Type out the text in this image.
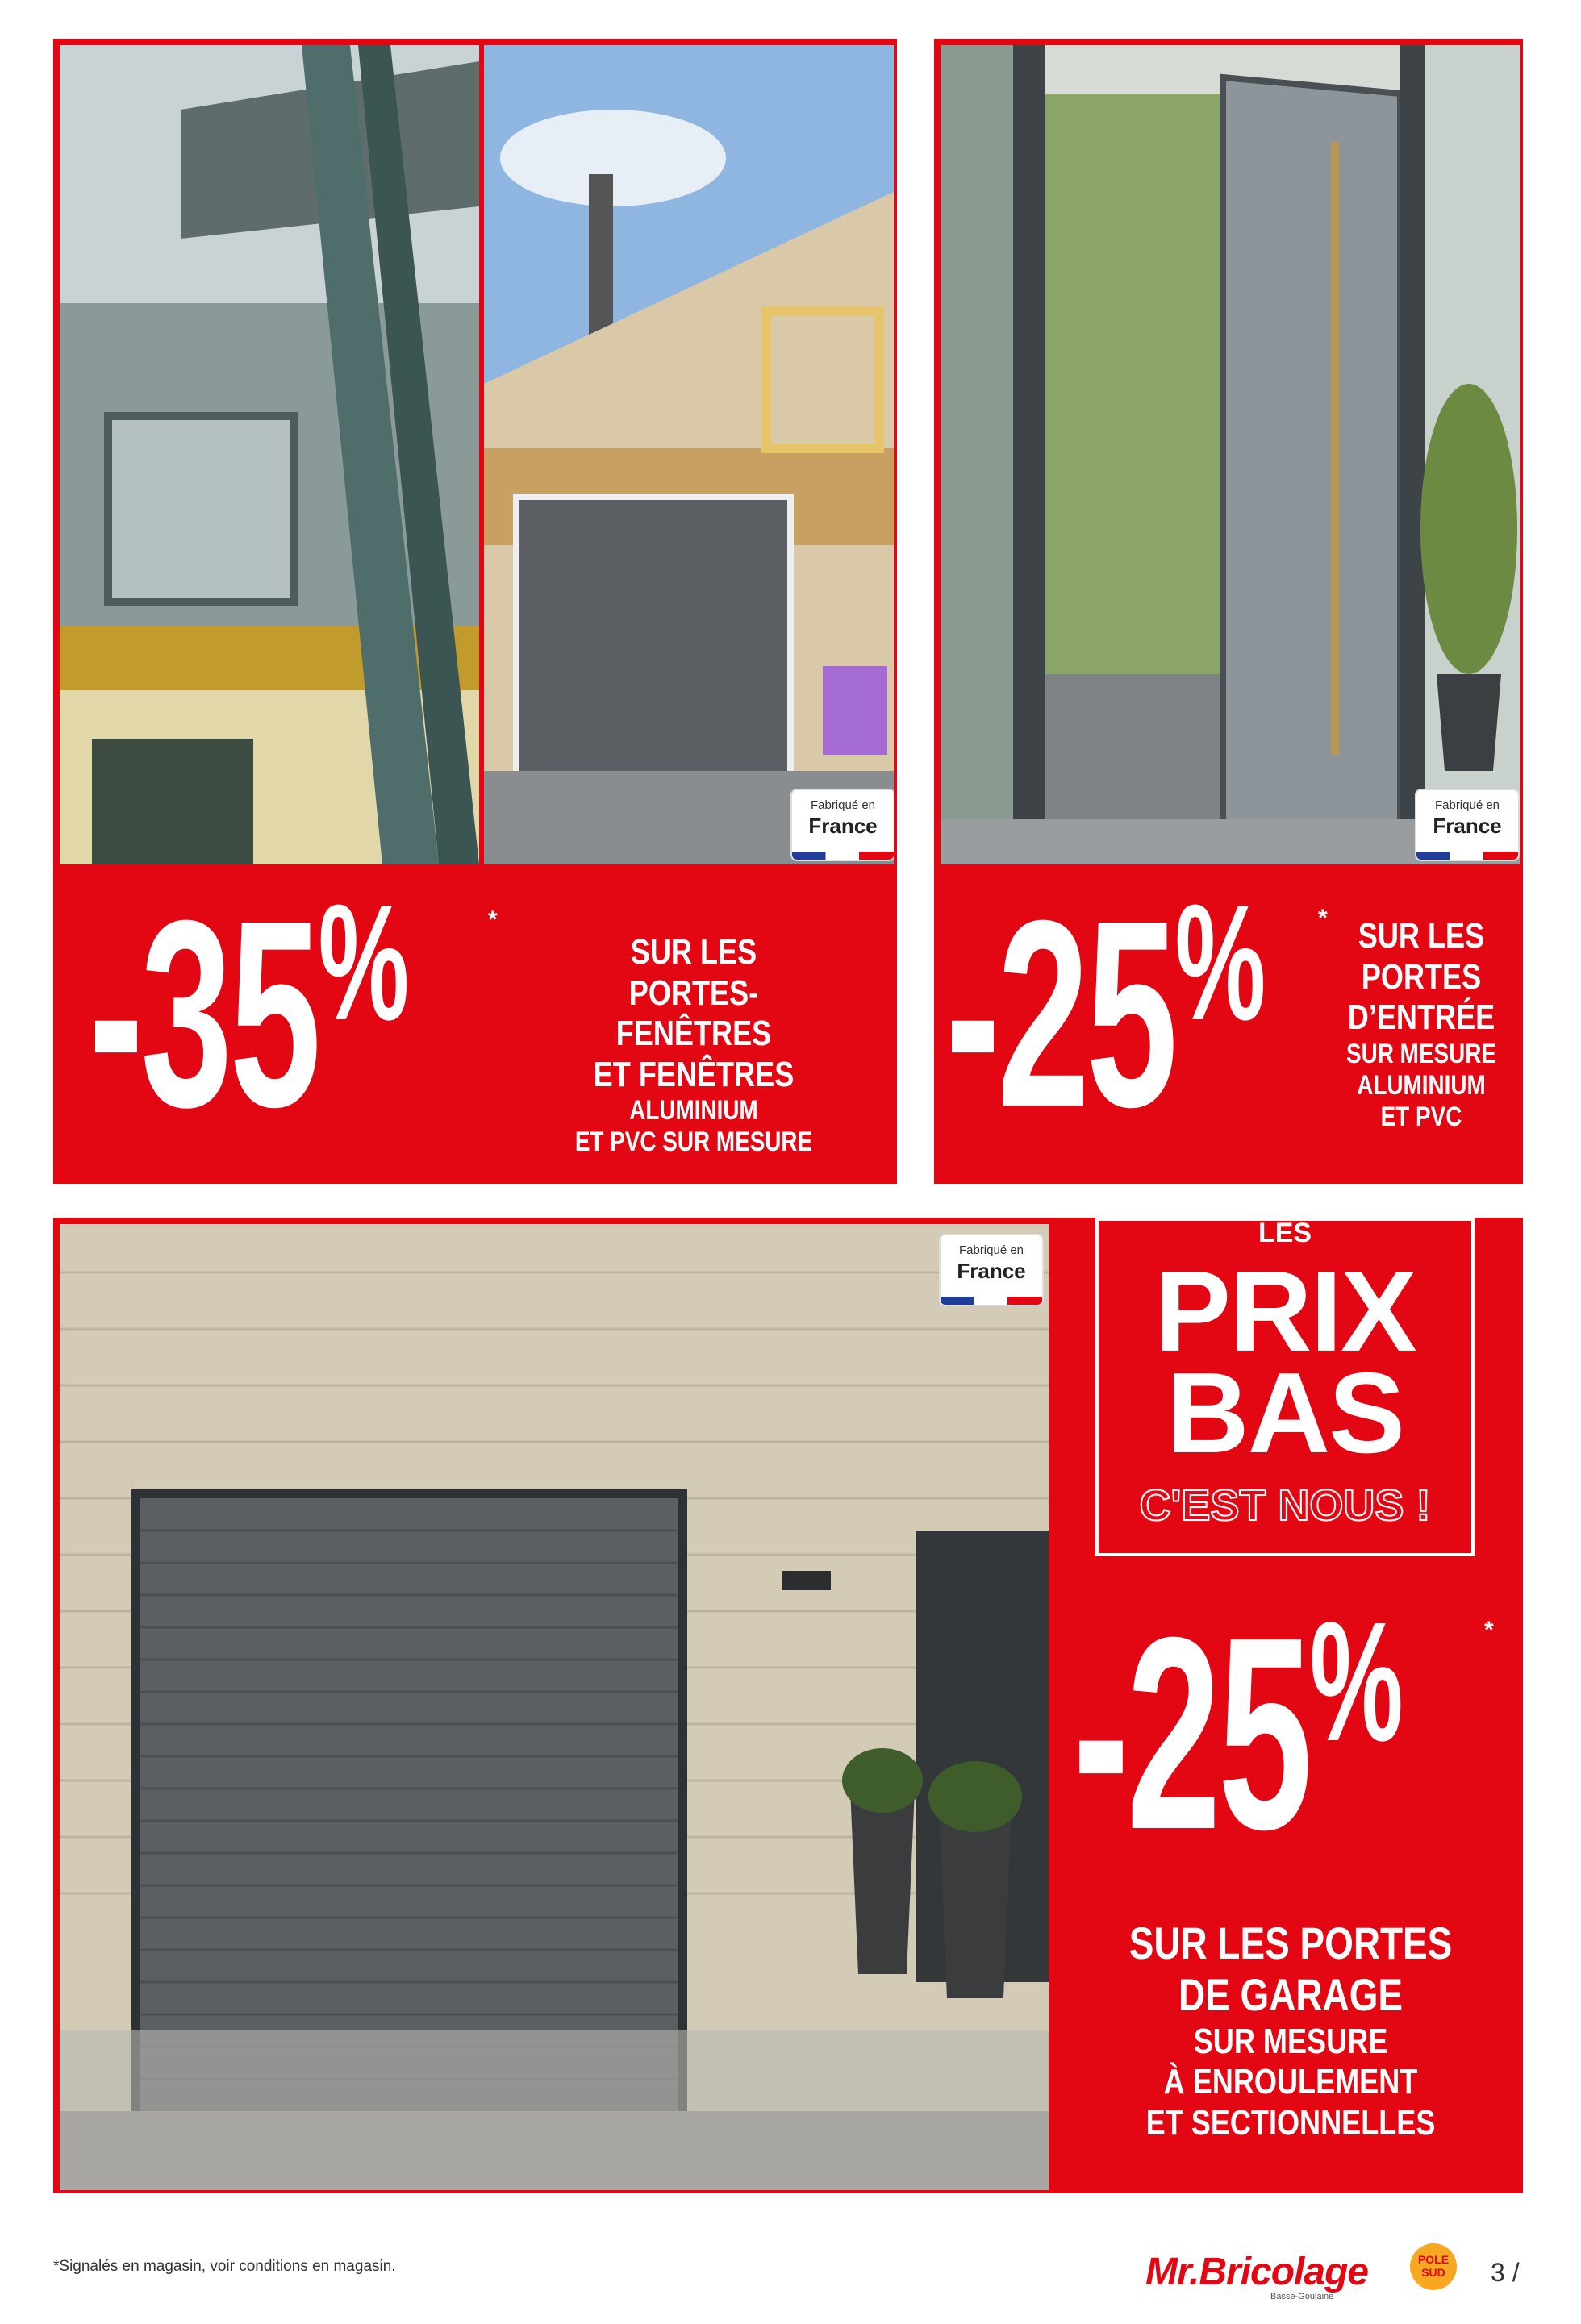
Fabriqué en
France
-35%	*
SUR LES
PORTES-FENÊTRES
ET FENÊTRES
ALUMINIUM
ET PVC SUR MESURE
Fabriqué en
France
-25% * SUR LES
PORTES
D’ENTRÉE
SUR MESURE
ALUMINIUM
ET PVC
Fabriqué en
France
LES
PRIX
BAS
C'EST NOUS !
-25%	*
SUR LES PORTES
DE GARAGE
SUR MESURE
À ENROULEMENT
ET SECTIONNELLES
*Signalés en magasin, voir conditions en magasin.	Mr.Bricolage
Basse-Goulaine
POLE SUD	3 /
